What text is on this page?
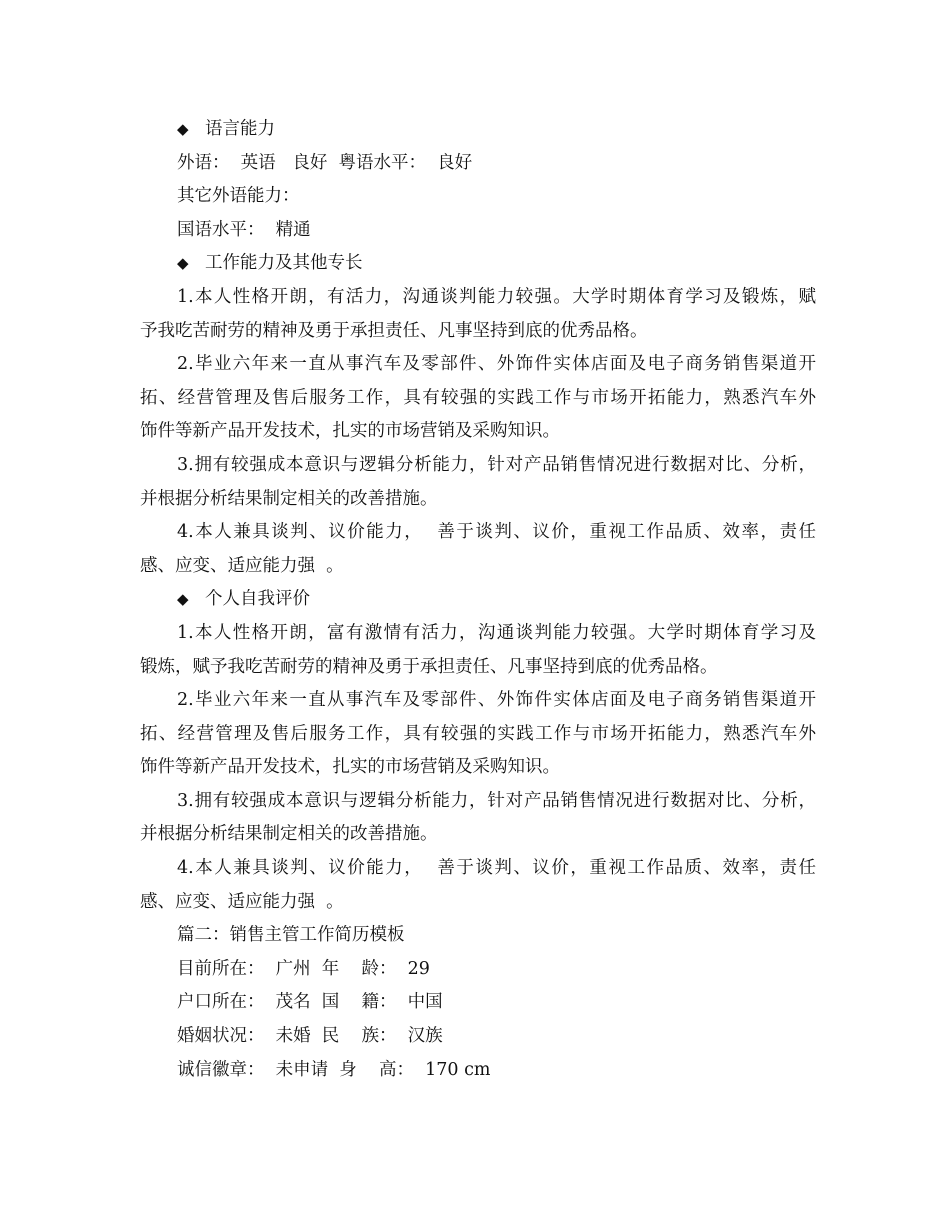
◆ 语言能力
外语：  英语   良好  粤语水平：  良好
其它外语能力：
国语水平：  精通
◆ 工作能力及其他专长
1.本人性格开朗，有活力，沟通谈判能力较强。大学时期体育学习及锻炼，赋
予我吃苦耐劳的精神及勇于承担责任、凡事坚持到底的优秀品格。
2.毕业六年来一直从事汽车及零部件、外饰件实体店面及电子商务销售渠道开
拓、经营管理及售后服务工作，具有较强的实践工作与市场开拓能力，熟悉汽车外
饰件等新产品开发技术，扎实的市场营销及采购知识。
3.拥有较强成本意识与逻辑分析能力，针对产品销售情况进行数据对比、分析，
并根据分析结果制定相关的改善措施。
4.本人兼具谈判、议价能力，  善于谈判、议价，重视工作品质、效率，责任
感、应变、适应能力强  。
◆ 个人自我评价
1.本人性格开朗，富有激情有活力，沟通谈判能力较强。大学时期体育学习及
锻炼，赋予我吃苦耐劳的精神及勇于承担责任、凡事坚持到底的优秀品格。
2.毕业六年来一直从事汽车及零部件、外饰件实体店面及电子商务销售渠道开
拓、经营管理及售后服务工作，具有较强的实践工作与市场开拓能力，熟悉汽车外
饰件等新产品开发技术，扎实的市场营销及采购知识。
3.拥有较强成本意识与逻辑分析能力，针对产品销售情况进行数据对比、分析，
并根据分析结果制定相关的改善措施。
4.本人兼具谈判、议价能力，  善于谈判、议价，重视工作品质、效率，责任
感、应变、适应能力强  。
篇二：销售主管工作简历模板
目前所在：  广州  年    龄：  29
户口所在：  茂名  国    籍：  中国
婚姻状况：  未婚  民    族：  汉族
诚信徽章：  未申请  身    高：  170 cm
